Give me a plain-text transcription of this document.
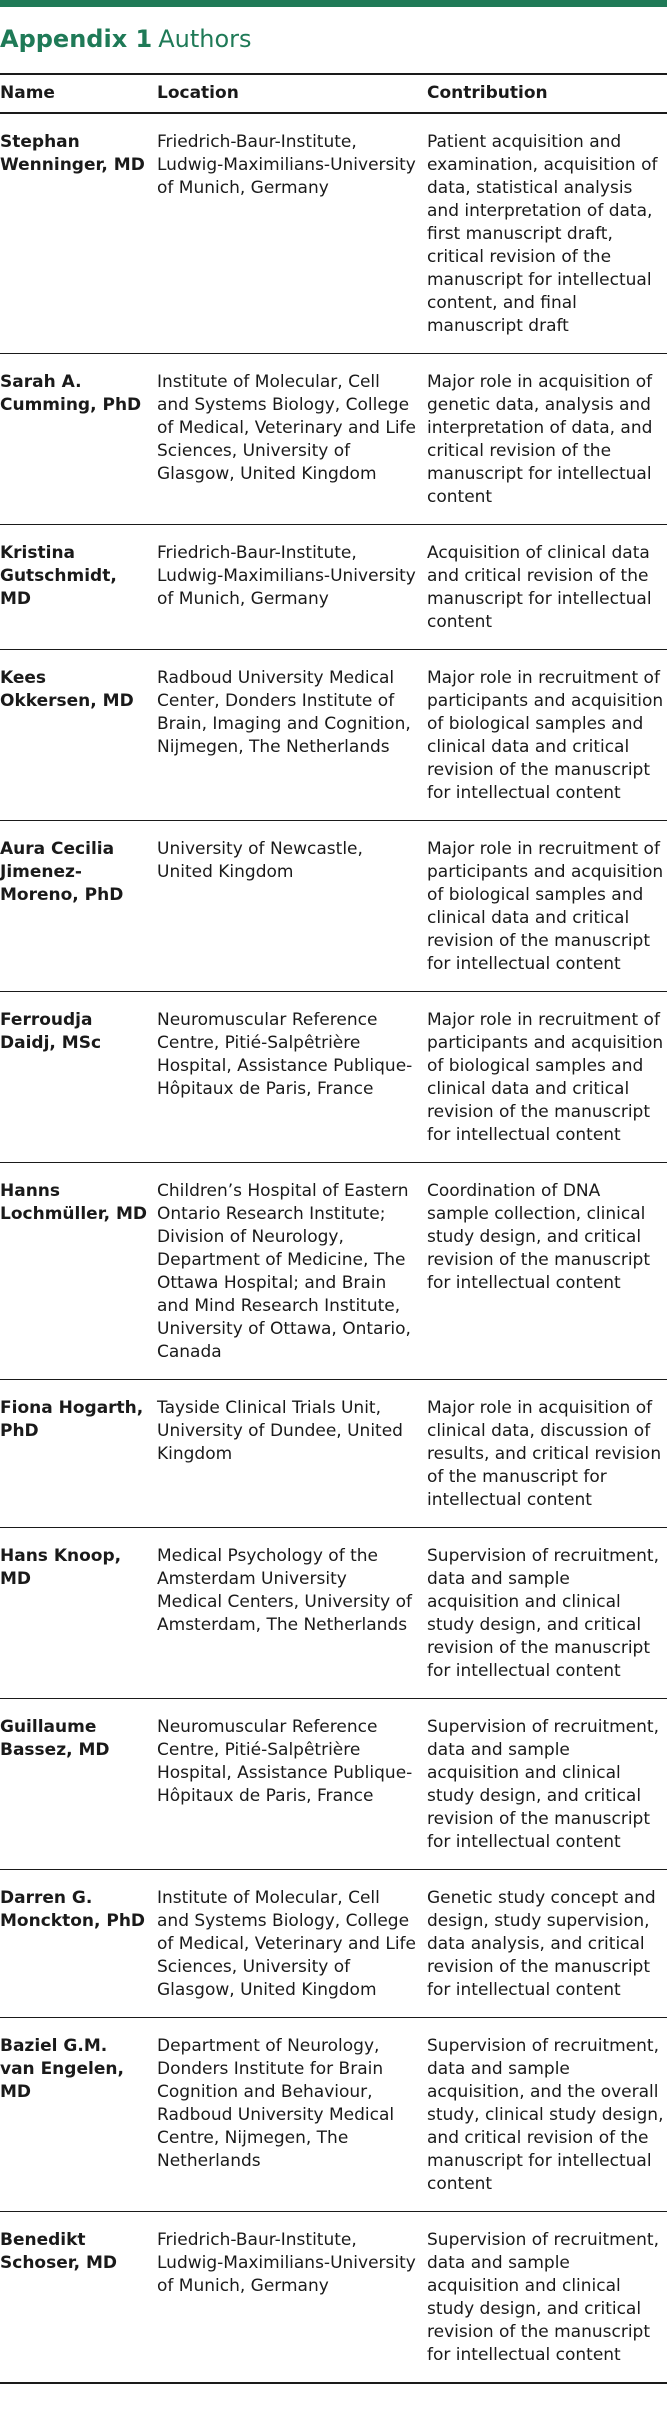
Appendix 1 Authors
Name	Location	Contribution

Stephan Wenninger, MD	Friedrich-Baur-Institute, Ludwig-Maximilians-University of Munich, Germany	Patient acquisition and examination, acquisition of data, statistical analysis and interpretation of data, first manuscript draft, critical revision of the manuscript for intellectual content, and final manuscript draft

Sarah A. Cumming, PhD	Institute of Molecular, Cell and Systems Biology, College of Medical, Veterinary and Life Sciences, University of Glasgow, United Kingdom	Major role in acquisition of genetic data, analysis and interpretation of data, and critical revision of the manuscript for intellectual content

Kristina Gutschmidt, MD	Friedrich-Baur-Institute, Ludwig-Maximilians-University of Munich, Germany	Acquisition of clinical data and critical revision of the manuscript for intellectual content

Kees Okkersen, MD	Radboud University Medical Center, Donders Institute of Brain, Imaging and Cognition, Nijmegen, The Netherlands	Major role in recruitment of participants and acquisition of biological samples and clinical data and critical revision of the manuscript for intellectual content

Aura Cecilia Jimenez-Moreno, PhD	University of Newcastle, United Kingdom	Major role in recruitment of participants and acquisition of biological samples and clinical data and critical revision of the manuscript for intellectual content

Ferroudja Daidj, MSc	Neuromuscular Reference Centre, Pitié-Salpêtrière Hospital, Assistance Publique-Hôpitaux de Paris, France	Major role in recruitment of participants and acquisition of biological samples and clinical data and critical revision of the manuscript for intellectual content

Hanns Lochmüller, MD	Children’s Hospital of Eastern Ontario Research Institute; Division of Neurology, Department of Medicine, The Ottawa Hospital; and Brain and Mind Research Institute, University of Ottawa, Ontario, Canada	Coordination of DNA sample collection, clinical study design, and critical revision of the manuscript for intellectual content

Fiona Hogarth, PhD	Tayside Clinical Trials Unit, University of Dundee, United Kingdom	Major role in acquisition of clinical data, discussion of results, and critical revision of the manuscript for intellectual content

Hans Knoop, MD	Medical Psychology of the Amsterdam University Medical Centers, University of Amsterdam, The Netherlands	Supervision of recruitment, data and sample acquisition and clinical study design, and critical revision of the manuscript for intellectual content

Guillaume Bassez, MD	Neuromuscular Reference Centre, Pitié-Salpêtrière Hospital, Assistance Publique-Hôpitaux de Paris, France	Supervision of recruitment, data and sample acquisition and clinical study design, and critical revision of the manuscript for intellectual content

Darren G. Monckton, PhD	Institute of Molecular, Cell and Systems Biology, College of Medical, Veterinary and Life Sciences, University of Glasgow, United Kingdom	Genetic study concept and design, study supervision, data analysis, and critical revision of the manuscript for intellectual content

Baziel G.M. van Engelen, MD	Department of Neurology, Donders Institute for Brain Cognition and Behaviour, Radboud University Medical Centre, Nijmegen, The Netherlands	Supervision of recruitment, data and sample acquisition, and the overall study, clinical study design, and critical revision of the manuscript for intellectual content

Benedikt Schoser, MD	Friedrich-Baur-Institute, Ludwig-Maximilians-University of Munich, Germany	Supervision of recruitment, data and sample acquisition and clinical study design, and critical revision of the manuscript for intellectual content
